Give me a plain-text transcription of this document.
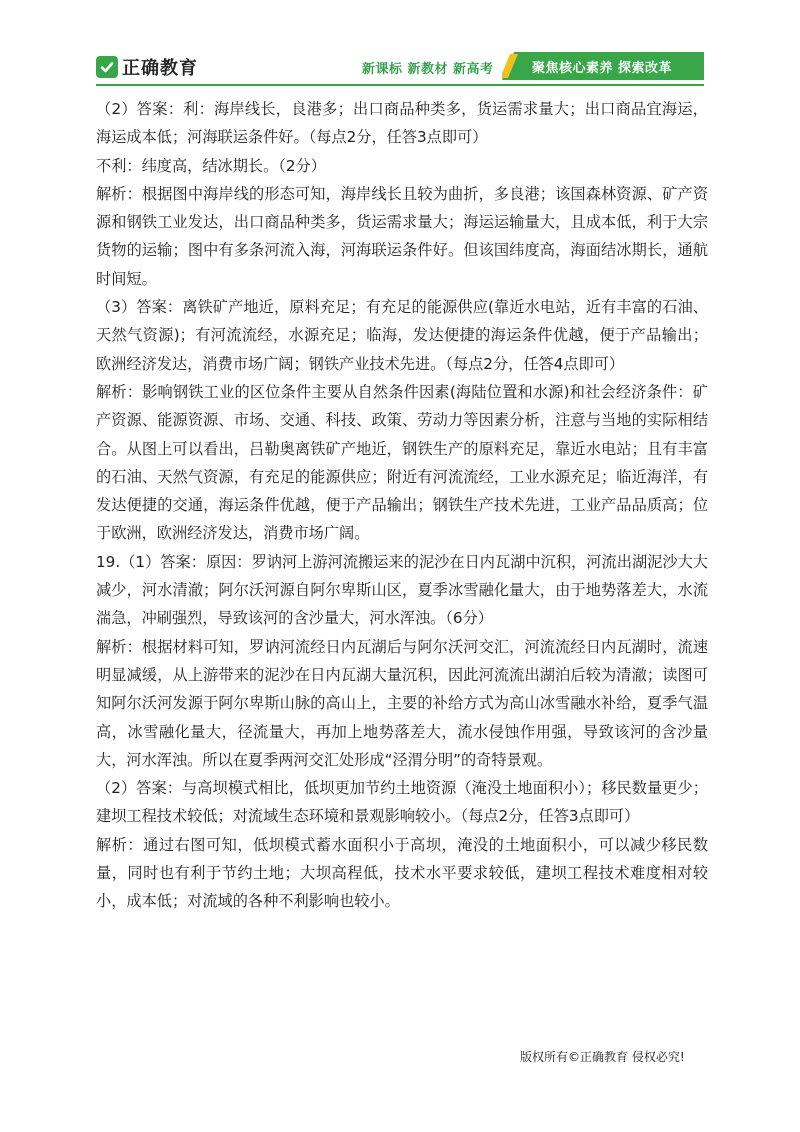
正确教育	新课标 新教材 新高考	聚焦核心素养 探索改革

（2）答案：利：海岸线长，良港多；出口商品种类多，货运需求量大；出口商品宜海运，海运成本低；河海联运条件好。（每点2分，任答3点即可）

不利：纬度高，结冰期长。（2分）

解析：根据图中海岸线的形态可知，海岸线长且较为曲折，多良港；该国森林资源、矿产资源和钢铁工业发达，出口商品种类多，货运需求量大；海运运输量大，且成本低，利于大宗货物的运输；图中有多条河流入海，河海联运条件好。但该国纬度高，海面结冰期长，通航时间短。

（3）答案：离铁矿产地近，原料充足；有充足的能源供应(靠近水电站，近有丰富的石油、天然气资源)；有河流流经，水源充足；临海，发达便捷的海运条件优越，便于产品输出；欧洲经济发达，消费市场广阔；钢铁产业技术先进。（每点2分，任答4点即可）

解析：影响钢铁工业的区位条件主要从自然条件因素(海陆位置和水源)和社会经济条件：矿产资源、能源资源、市场、交通、科技、政策、劳动力等因素分析，注意与当地的实际相结合。从图上可以看出，吕勒奥离铁矿产地近，钢铁生产的原料充足，靠近水电站；且有丰富的石油、天然气资源，有充足的能源供应；附近有河流流经，工业水源充足；临近海洋，有发达便捷的交通，海运条件优越，便于产品输出；钢铁生产技术先进，工业产品品质高；位于欧洲，欧洲经济发达，消费市场广阔。

19.（1）答案：原因：罗讷河上游河流搬运来的泥沙在日内瓦湖中沉积，河流出湖泥沙大大减少，河水清澈；阿尔沃河源自阿尔卑斯山区，夏季冰雪融化量大，由于地势落差大，水流湍急，冲刷强烈，导致该河的含沙量大，河水浑浊。（6分）

解析：根据材料可知，罗讷河流经日内瓦湖后与阿尔沃河交汇，河流流经日内瓦湖时，流速明显减缓，从上游带来的泥沙在日内瓦湖大量沉积，因此河流流出湖泊后较为清澈；读图可知阿尔沃河发源于阿尔卑斯山脉的高山上，主要的补给方式为高山冰雪融水补给，夏季气温高，冰雪融化量大，径流量大，再加上地势落差大，流水侵蚀作用强，导致该河的含沙量大，河水浑浊。所以在夏季两河交汇处形成“泾渭分明”的奇特景观。

（2）答案：与高坝模式相比，低坝更加节约土地资源（淹没土地面积小）；移民数量更少；建坝工程技术较低；对流域生态环境和景观影响较小。（每点2分，任答3点即可）

解析：通过右图可知，低坝模式蓄水面积小于高坝，淹没的土地面积小，可以减少移民数量，同时也有利于节约土地；大坝高程低，技术水平要求较低，建坝工程技术难度相对较小，成本低；对流域的各种不利影响也较小。

版权所有©正确教育 侵权必究!
